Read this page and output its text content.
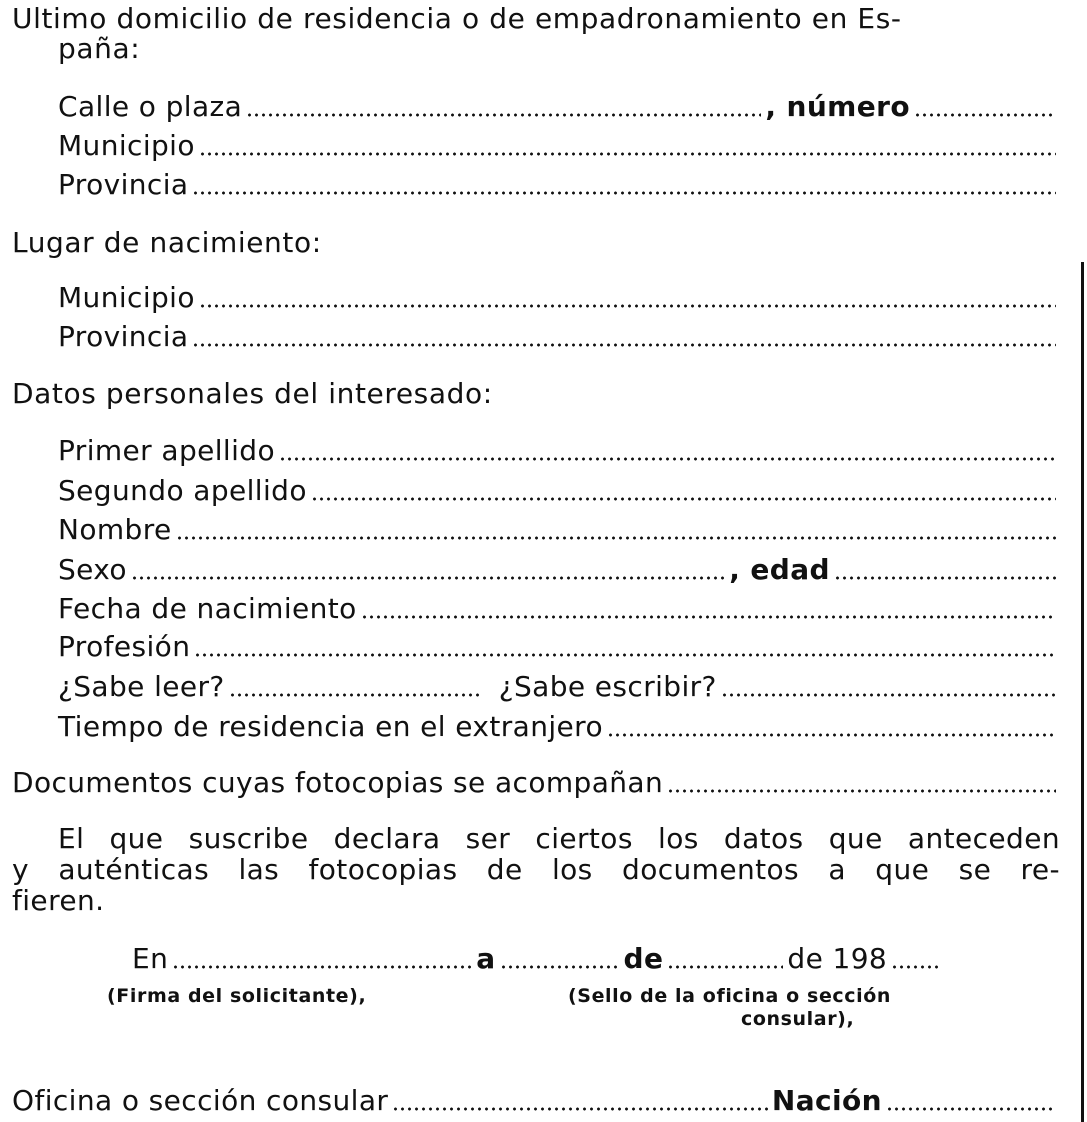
Ultimo domicilio de residencia o de empadronamiento en Es-
paña:
Calle o plaza	, número
Municipio
Provincia
Lugar de nacimiento:
Municipio
Provincia
Datos personales del interesado:
Primer apellido
Segundo apellido
Nombre
Sexo	, edad
Fecha de nacimiento
Profesión
¿Sabe leer?	¿Sabe escribir?
Tiempo de residencia en el extranjero
Documentos cuyas fotocopias se acompañan
El que suscribe declara ser ciertos los datos que anteceden
y auténticas las fotocopias de los documentos a que se re-
fieren.
En	a	de	de 198
(Firma del solicitante),	(Sello de la oficina o sección
consular),
Oficina o sección consular	Nación
